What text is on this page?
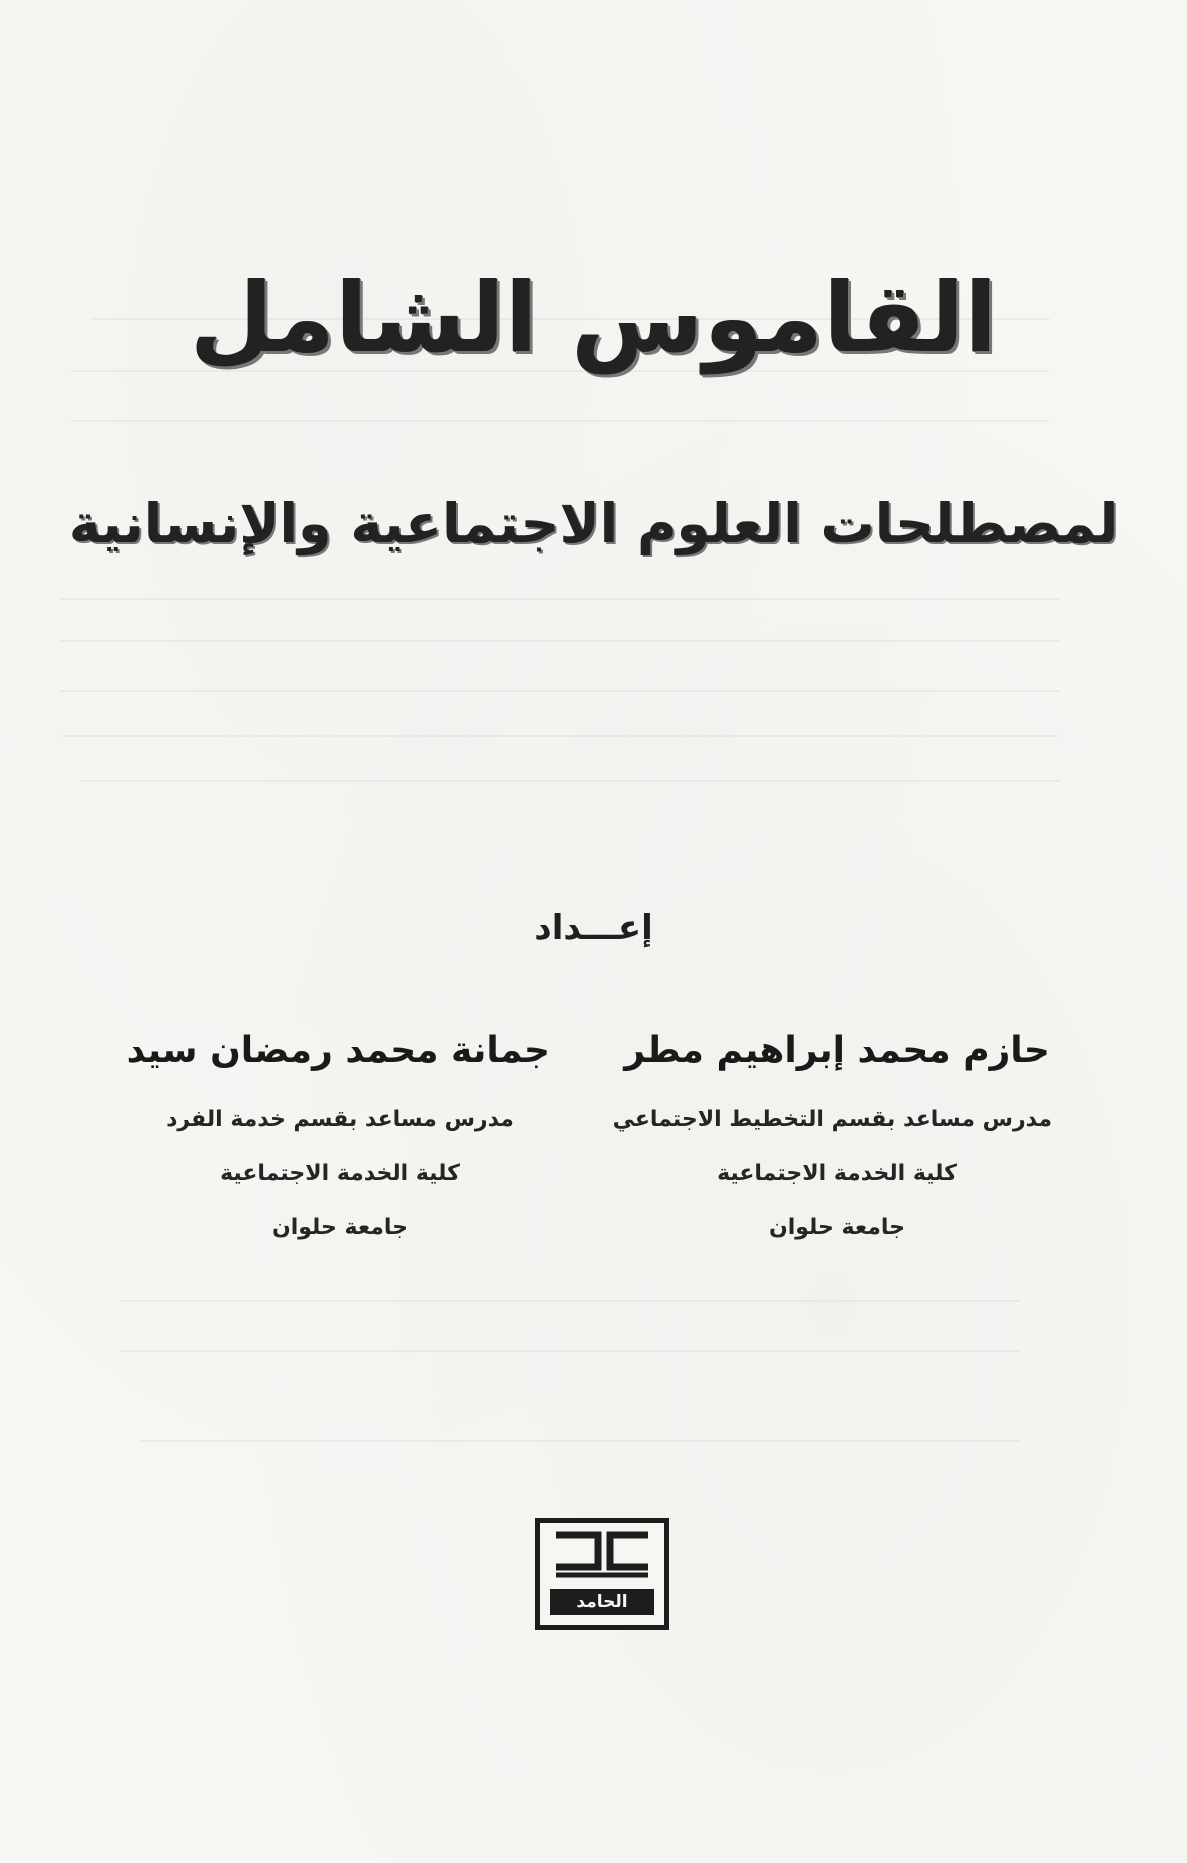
القاموس الشامل
لمصطلحات العلوم الاجتماعية والإنسانية
إعـــداد
حازم محمد إبراهيم مطر
مدرس مساعد بقسم التخطيط الاجتماعي
كلية الخدمة الاجتماعية
جامعة حلوان
جمانة محمد رمضان سيد
مدرس مساعد بقسم خدمة الفرد
كلية الخدمة الاجتماعية
جامعة حلوان
الحامد
